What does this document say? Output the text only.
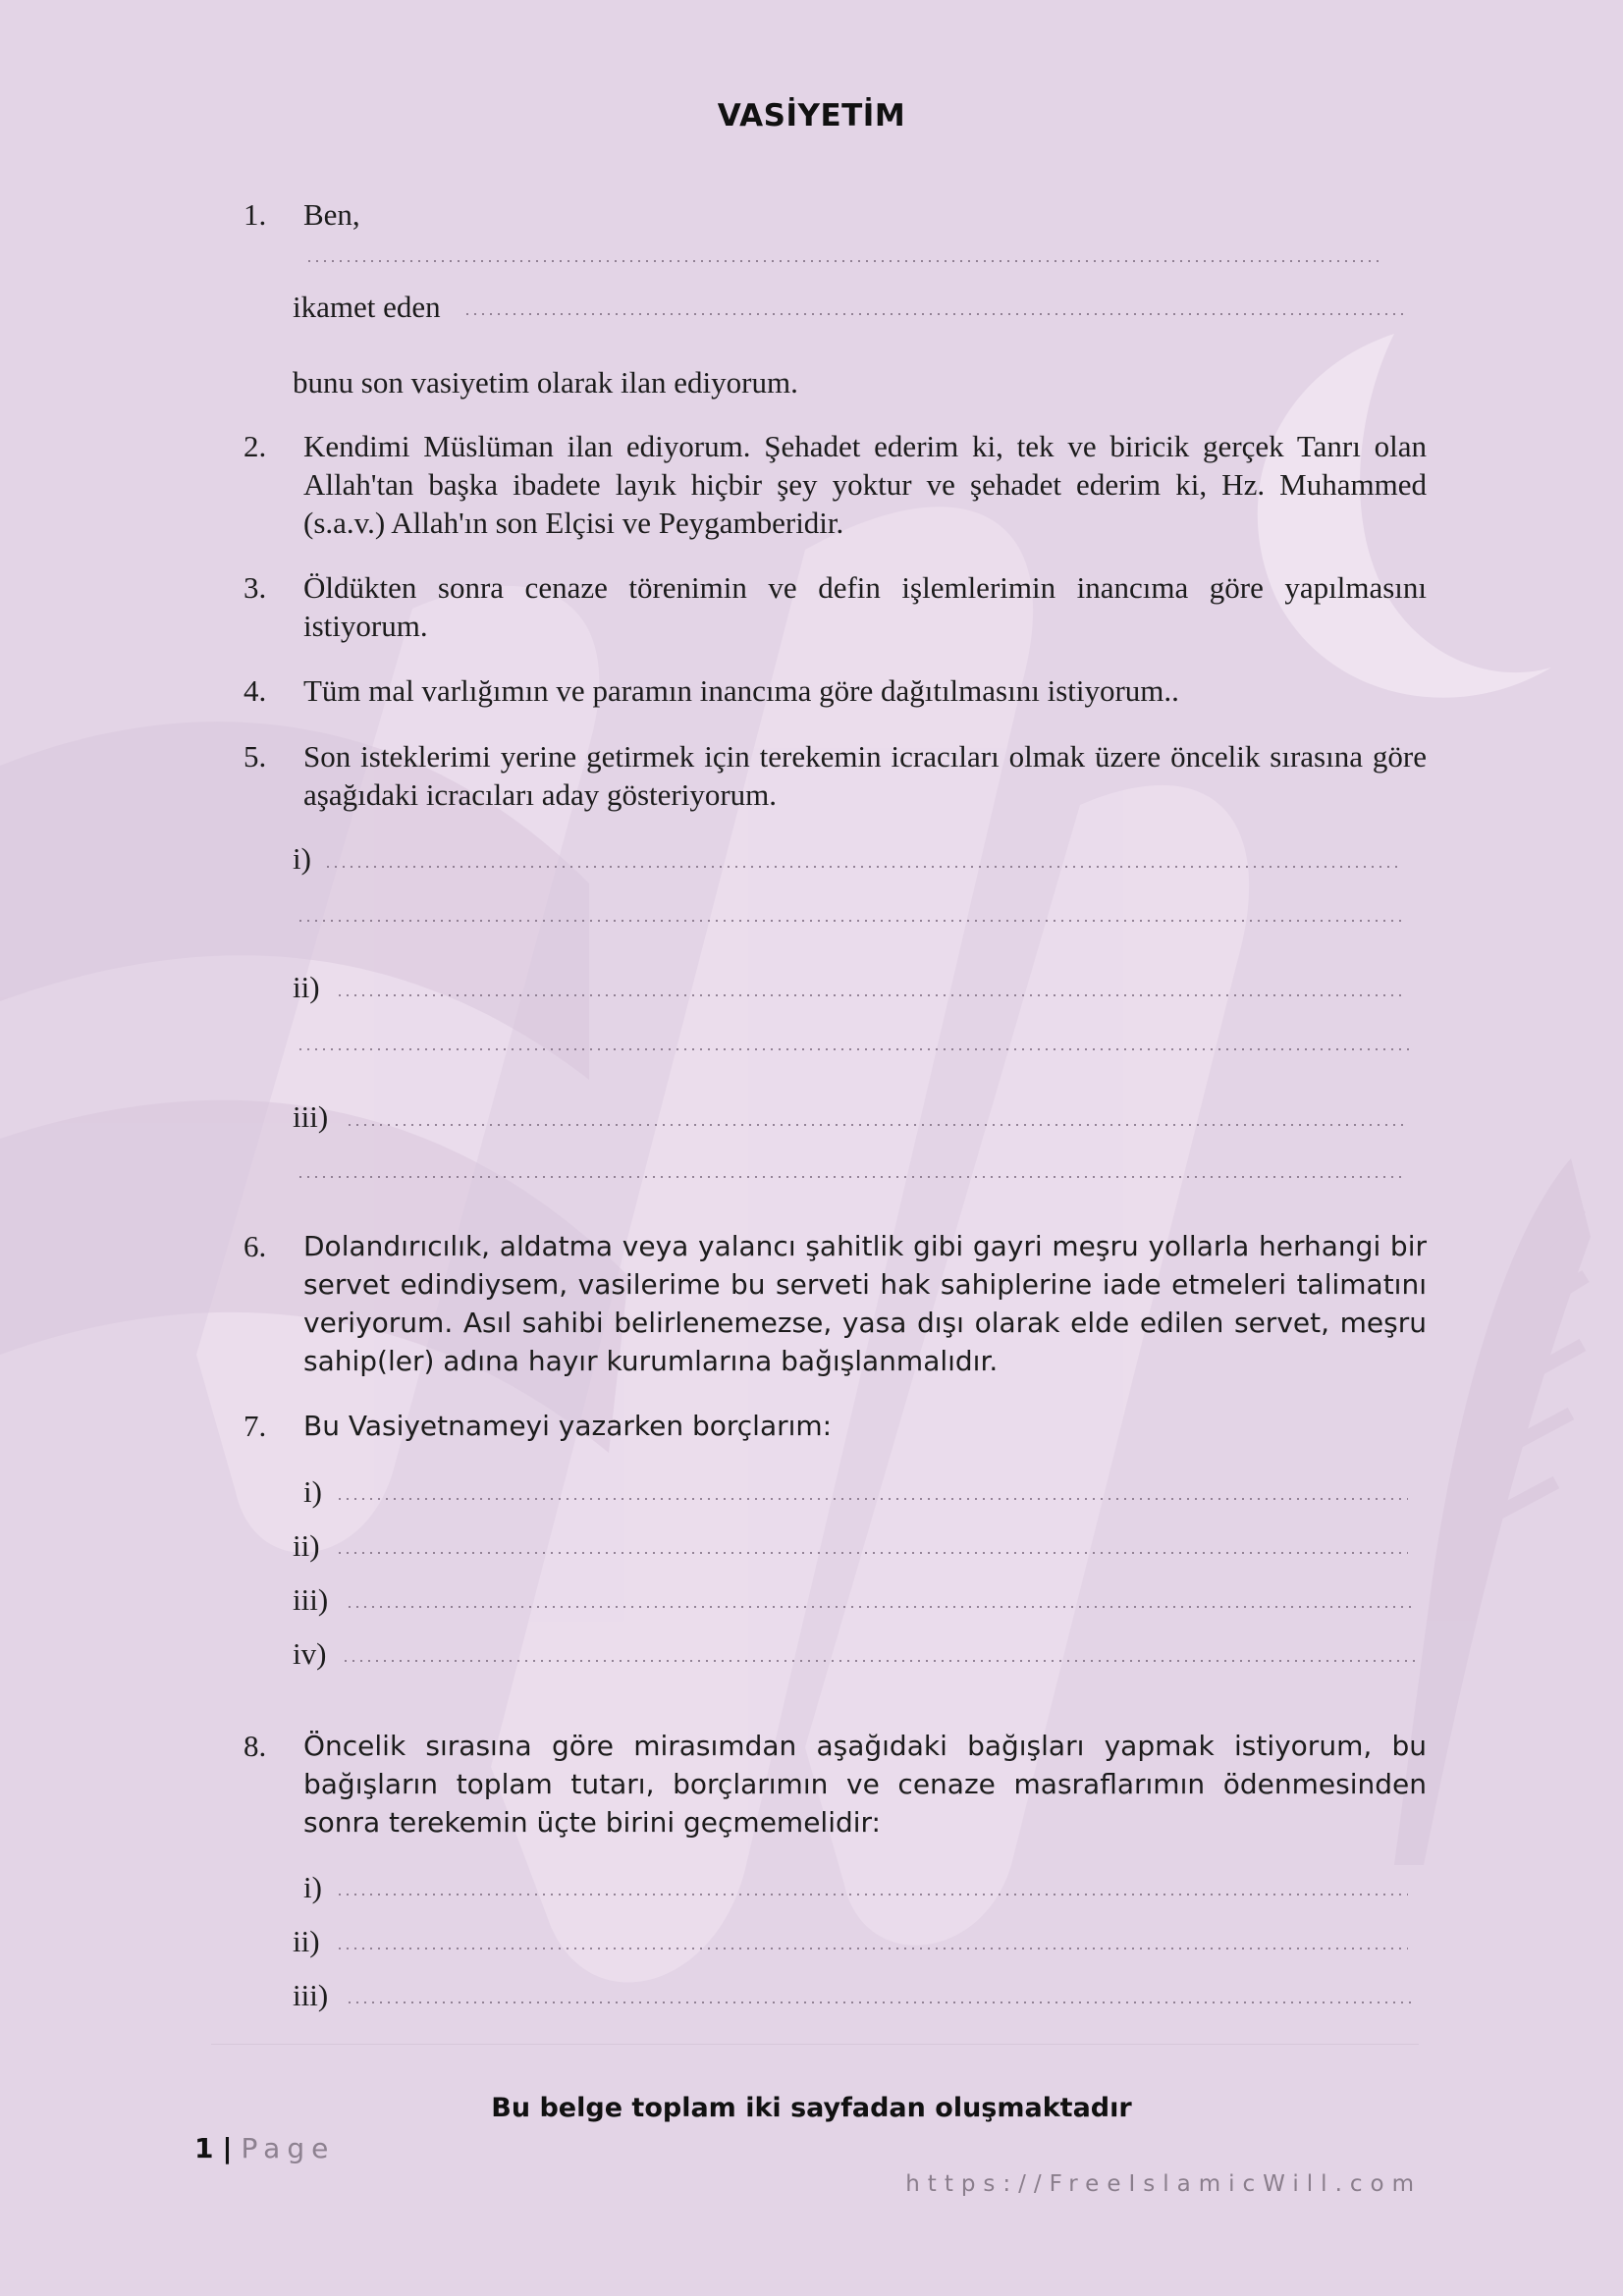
VASİYETİM
1. Ben,
ikamet eden
bunu son vasiyetim olarak ilan ediyorum.
2. Kendimi Müslüman ilan ediyorum. Şehadet ederim ki, tek ve biricik gerçek Tanrı olan Allah'tan başka ibadete layık hiçbir şey yoktur ve şehadet ederim ki, Hz. Muhammed (s.a.v.) Allah'ın son Elçisi ve Peygamberidir.
3. Öldükten sonra cenaze törenimin ve defin işlemlerimin inancıma göre yapılmasını istiyorum.
4. Tüm mal varlığımın ve paramın inancıma göre dağıtılmasını istiyorum..
5. Son isteklerimi yerine getirmek için terekemin icracıları olmak üzere öncelik sırasına göre aşağıdaki icracıları aday gösteriyorum.
i)
ii)
iii)
6. Dolandırıcılık, aldatma veya yalancı şahitlik gibi gayri meşru yollarla herhangi bir servet edindiysem, vasilerime bu serveti hak sahiplerine iade etmeleri talimatını veriyorum. Asıl sahibi belirlenemezse, yasa dışı olarak elde edilen servet, meşru sahip(ler) adına hayır kurumlarına bağışlanmalıdır.
7. Bu Vasiyetnameyi yazarken borçlarım:
i)
ii)
iii)
iv)
8. Öncelik sırasına göre mirasımdan aşağıdaki bağışları yapmak istiyorum, bu bağışların toplam tutarı, borçlarımın ve cenaze masraflarımın ödenmesinden sonra terekemin üçte birini geçmemelidir:
i)
ii)
iii)
Bu belge toplam iki sayfadan oluşmaktadır
1 | Page
https://FreeIslamicWill.com
